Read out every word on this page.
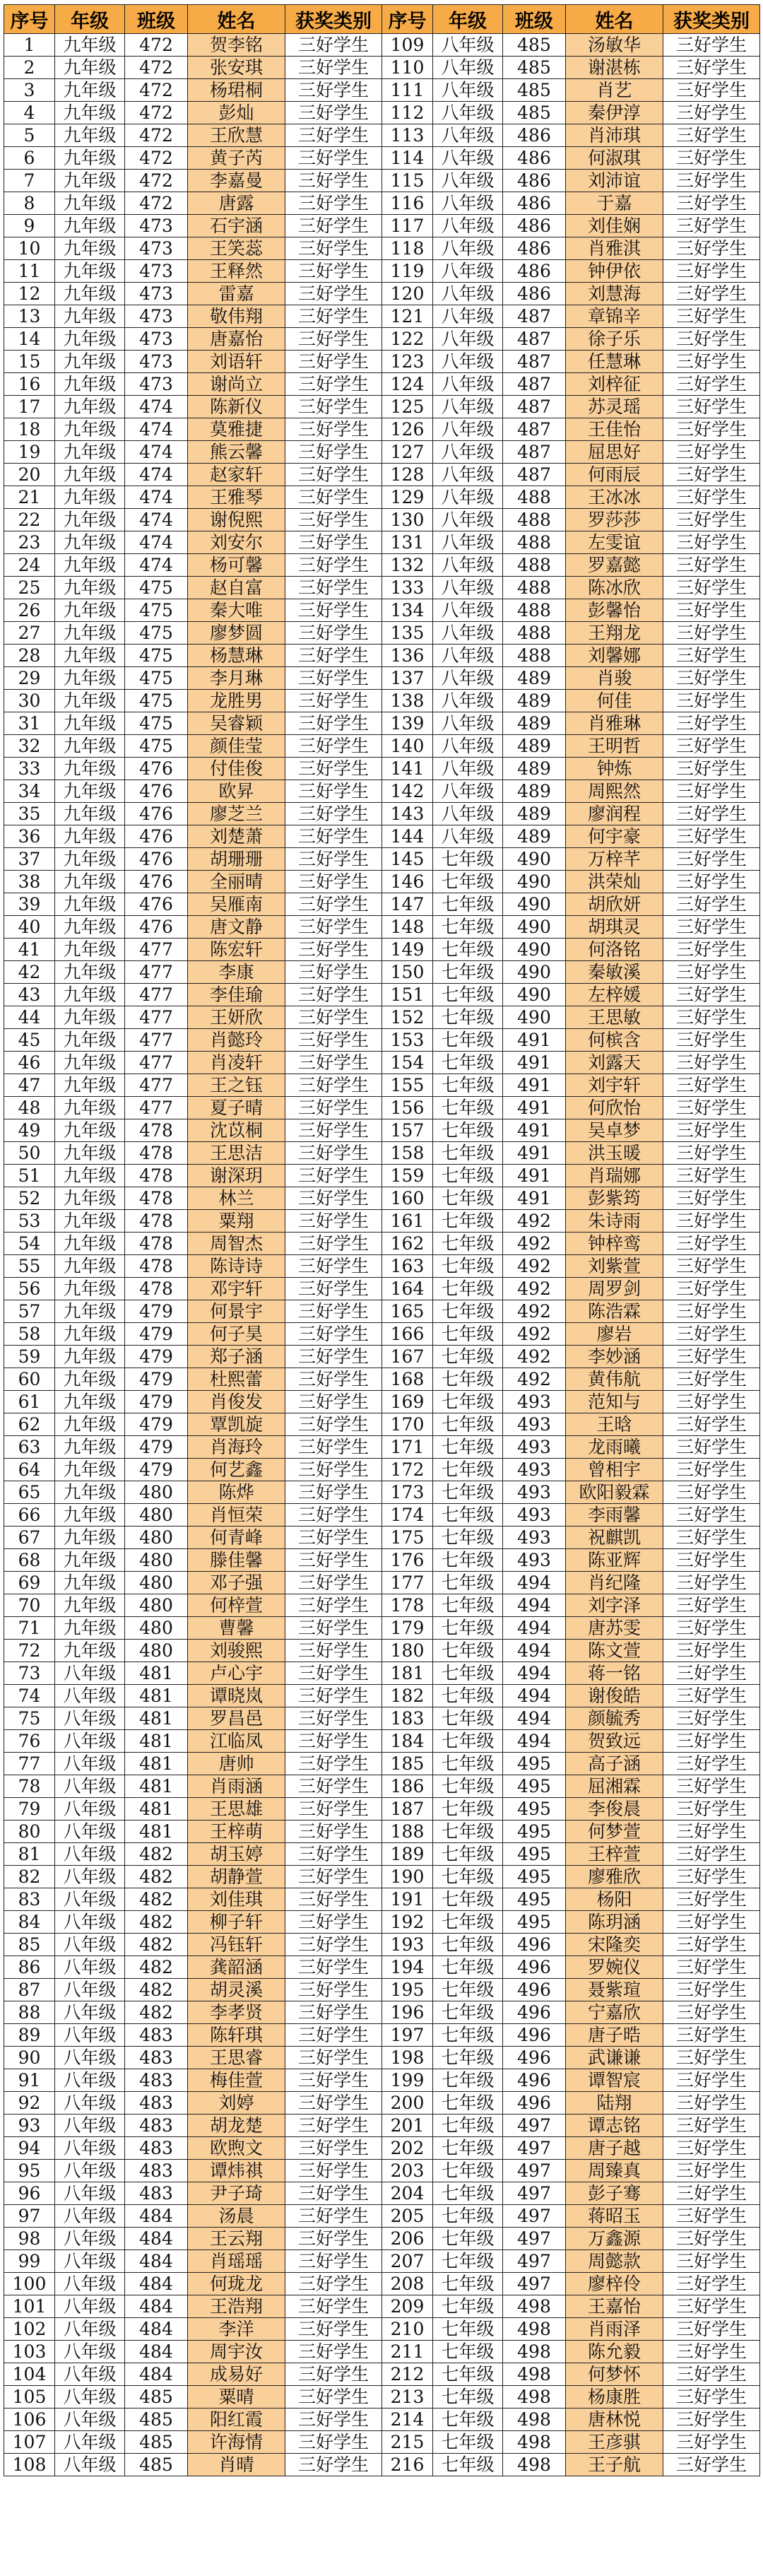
序号	年级	班级	姓名	获奖类别	序号	年级	班级	姓名	获奖类别
1	九年级	472	贺李铭	三好学生	109	八年级	485	汤敏华	三好学生
2	九年级	472	张安琪	三好学生	110	八年级	485	谢湛栋	三好学生
3	九年级	472	杨珺桐	三好学生	111	八年级	485	肖艺	三好学生
4	九年级	472	彭灿	三好学生	112	八年级	485	秦伊淳	三好学生
5	九年级	472	王欣慧	三好学生	113	八年级	486	肖沛琪	三好学生
6	九年级	472	黄子芮	三好学生	114	八年级	486	何淑琪	三好学生
7	九年级	472	李嘉曼	三好学生	115	八年级	486	刘沛谊	三好学生
8	九年级	472	唐露	三好学生	116	八年级	486	于嘉	三好学生
9	九年级	473	石宇涵	三好学生	117	八年级	486	刘佳娴	三好学生
10	九年级	473	王笑蕊	三好学生	118	八年级	486	肖雅淇	三好学生
11	九年级	473	王释然	三好学生	119	八年级	486	钟伊依	三好学生
12	九年级	473	雷嘉	三好学生	120	八年级	486	刘慧海	三好学生
13	九年级	473	敬伟翔	三好学生	121	八年级	487	章锦辛	三好学生
14	九年级	473	唐嘉怡	三好学生	122	八年级	487	徐子乐	三好学生
15	九年级	473	刘语轩	三好学生	123	八年级	487	任慧琳	三好学生
16	九年级	473	谢尚立	三好学生	124	八年级	487	刘梓征	三好学生
17	九年级	474	陈新仪	三好学生	125	八年级	487	苏灵瑶	三好学生
18	九年级	474	莫雅捷	三好学生	126	八年级	487	王佳怡	三好学生
19	九年级	474	熊云馨	三好学生	127	八年级	487	屈思好	三好学生
20	九年级	474	赵家轩	三好学生	128	八年级	487	何雨辰	三好学生
21	九年级	474	王雅琴	三好学生	129	八年级	488	王冰冰	三好学生
22	九年级	474	谢倪熙	三好学生	130	八年级	488	罗莎莎	三好学生
23	九年级	474	刘安尔	三好学生	131	八年级	488	左雯谊	三好学生
24	九年级	474	杨可馨	三好学生	132	八年级	488	罗嘉懿	三好学生
25	九年级	475	赵自富	三好学生	133	八年级	488	陈冰欣	三好学生
26	九年级	475	秦大唯	三好学生	134	八年级	488	彭馨怡	三好学生
27	九年级	475	廖梦圆	三好学生	135	八年级	488	王翔龙	三好学生
28	九年级	475	杨慧琳	三好学生	136	八年级	488	刘馨娜	三好学生
29	九年级	475	李月琳	三好学生	137	八年级	489	肖骏	三好学生
30	九年级	475	龙胜男	三好学生	138	八年级	489	何佳	三好学生
31	九年级	475	吴睿颖	三好学生	139	八年级	489	肖雅琳	三好学生
32	九年级	475	颜佳莹	三好学生	140	八年级	489	王明哲	三好学生
33	九年级	476	付佳俊	三好学生	141	八年级	489	钟炼	三好学生
34	九年级	476	欧昇	三好学生	142	八年级	489	周熙然	三好学生
35	九年级	476	廖芝兰	三好学生	143	八年级	489	廖润程	三好学生
36	九年级	476	刘楚萧	三好学生	144	八年级	489	何宇豪	三好学生
37	九年级	476	胡珊珊	三好学生	145	七年级	490	万梓芊	三好学生
38	九年级	476	全丽晴	三好学生	146	七年级	490	洪荣灿	三好学生
39	九年级	476	吴雁南	三好学生	147	七年级	490	胡欣妍	三好学生
40	九年级	476	唐文静	三好学生	148	七年级	490	胡琪灵	三好学生
41	九年级	477	陈宏轩	三好学生	149	七年级	490	何洛铭	三好学生
42	九年级	477	李康	三好学生	150	七年级	490	秦敏溪	三好学生
43	九年级	477	李佳瑜	三好学生	151	七年级	490	左梓媛	三好学生
44	九年级	477	王妍欣	三好学生	152	七年级	490	王思敏	三好学生
45	九年级	477	肖懿玲	三好学生	153	七年级	491	何槟含	三好学生
46	九年级	477	肖凌轩	三好学生	154	七年级	491	刘露天	三好学生
47	九年级	477	王之钰	三好学生	155	七年级	491	刘宇轩	三好学生
48	九年级	477	夏子晴	三好学生	156	七年级	491	何欣怡	三好学生
49	九年级	478	沈苡桐	三好学生	157	七年级	491	吴卓梦	三好学生
50	九年级	478	王思洁	三好学生	158	七年级	491	洪玉暖	三好学生
51	九年级	478	谢深玥	三好学生	159	七年级	491	肖瑞娜	三好学生
52	九年级	478	林兰	三好学生	160	七年级	491	彭紫筠	三好学生
53	九年级	478	粟翔	三好学生	161	七年级	492	朱诗雨	三好学生
54	九年级	478	周智杰	三好学生	162	七年级	492	钟梓鸾	三好学生
55	九年级	478	陈诗诗	三好学生	163	七年级	492	刘紫萱	三好学生
56	九年级	478	邓宇轩	三好学生	164	七年级	492	周罗剑	三好学生
57	九年级	479	何景宇	三好学生	165	七年级	492	陈浩霖	三好学生
58	九年级	479	何子昊	三好学生	166	七年级	492	廖岩	三好学生
59	九年级	479	郑子涵	三好学生	167	七年级	492	李妙涵	三好学生
60	九年级	479	杜熙蕾	三好学生	168	七年级	492	黄伟航	三好学生
61	九年级	479	肖俊发	三好学生	169	七年级	493	范知与	三好学生
62	九年级	479	覃凯旋	三好学生	170	七年级	493	王晗	三好学生
63	九年级	479	肖海玲	三好学生	171	七年级	493	龙雨曦	三好学生
64	九年级	479	何艺鑫	三好学生	172	七年级	493	曾相宇	三好学生
65	九年级	480	陈烨	三好学生	173	七年级	493	欧阳毅霖	三好学生
66	九年级	480	肖恒荣	三好学生	174	七年级	493	李雨馨	三好学生
67	九年级	480	何青峰	三好学生	175	七年级	493	祝麒凯	三好学生
68	九年级	480	滕佳馨	三好学生	176	七年级	493	陈亚辉	三好学生
69	九年级	480	邓子强	三好学生	177	七年级	494	肖纪隆	三好学生
70	九年级	480	何梓萱	三好学生	178	七年级	494	刘字泽	三好学生
71	九年级	480	曹馨	三好学生	179	七年级	494	唐苏雯	三好学生
72	九年级	480	刘骏熙	三好学生	180	七年级	494	陈文萱	三好学生
73	八年级	481	卢心宇	三好学生	181	七年级	494	蒋一铭	三好学生
74	八年级	481	谭晓岚	三好学生	182	七年级	494	谢俊皓	三好学生
75	八年级	481	罗昌邑	三好学生	183	七年级	494	颜毓秀	三好学生
76	八年级	481	江临凤	三好学生	184	七年级	494	贺致远	三好学生
77	八年级	481	唐帅	三好学生	185	七年级	495	高子涵	三好学生
78	八年级	481	肖雨涵	三好学生	186	七年级	495	屈湘霖	三好学生
79	八年级	481	王思雄	三好学生	187	七年级	495	李俊晨	三好学生
80	八年级	481	王梓萌	三好学生	188	七年级	495	何梦萱	三好学生
81	八年级	482	胡玉婷	三好学生	189	七年级	495	王梓萱	三好学生
82	八年级	482	胡静萱	三好学生	190	七年级	495	廖雅欣	三好学生
83	八年级	482	刘佳琪	三好学生	191	七年级	495	杨阳	三好学生
84	八年级	482	柳子轩	三好学生	192	七年级	495	陈玥涵	三好学生
85	八年级	482	冯钰轩	三好学生	193	七年级	496	宋隆奕	三好学生
86	八年级	482	龚韶涵	三好学生	194	七年级	496	罗婉仪	三好学生
87	八年级	482	胡灵溪	三好学生	195	七年级	496	聂紫瑄	三好学生
88	八年级	482	李孝贤	三好学生	196	七年级	496	宁嘉欣	三好学生
89	八年级	483	陈轩琪	三好学生	197	七年级	496	唐子晧	三好学生
90	八年级	483	王思睿	三好学生	198	七年级	496	武谦谦	三好学生
91	八年级	483	梅佳萱	三好学生	199	七年级	496	谭智宸	三好学生
92	八年级	483	刘婷	三好学生	200	七年级	496	陆翔	三好学生
93	八年级	483	胡龙楚	三好学生	201	七年级	497	谭志铭	三好学生
94	八年级	483	欧煦文	三好学生	202	七年级	497	唐子越	三好学生
95	八年级	483	谭炜祺	三好学生	203	七年级	497	周臻真	三好学生
96	八年级	483	尹子琦	三好学生	204	七年级	497	彭子骞	三好学生
97	八年级	484	汤晨	三好学生	205	七年级	497	蒋昭玉	三好学生
98	八年级	484	王云翔	三好学生	206	七年级	497	万鑫源	三好学生
99	八年级	484	肖瑶瑶	三好学生	207	七年级	497	周懿款	三好学生
100	八年级	484	何珑龙	三好学生	208	七年级	497	廖梓伶	三好学生
101	八年级	484	王浩翔	三好学生	209	七年级	498	王嘉怡	三好学生
102	八年级	484	李洋	三好学生	210	七年级	498	肖雨泽	三好学生
103	八年级	484	周宇汝	三好学生	211	七年级	498	陈允毅	三好学生
104	八年级	484	成易好	三好学生	212	七年级	498	何梦怀	三好学生
105	八年级	485	粟晴	三好学生	213	七年级	498	杨康胜	三好学生
106	八年级	485	阳红霞	三好学生	214	七年级	498	唐林悦	三好学生
107	八年级	485	许海情	三好学生	215	七年级	498	王彦骐	三好学生
108	八年级	485	肖晴	三好学生	216	七年级	498	王子航	三好学生
